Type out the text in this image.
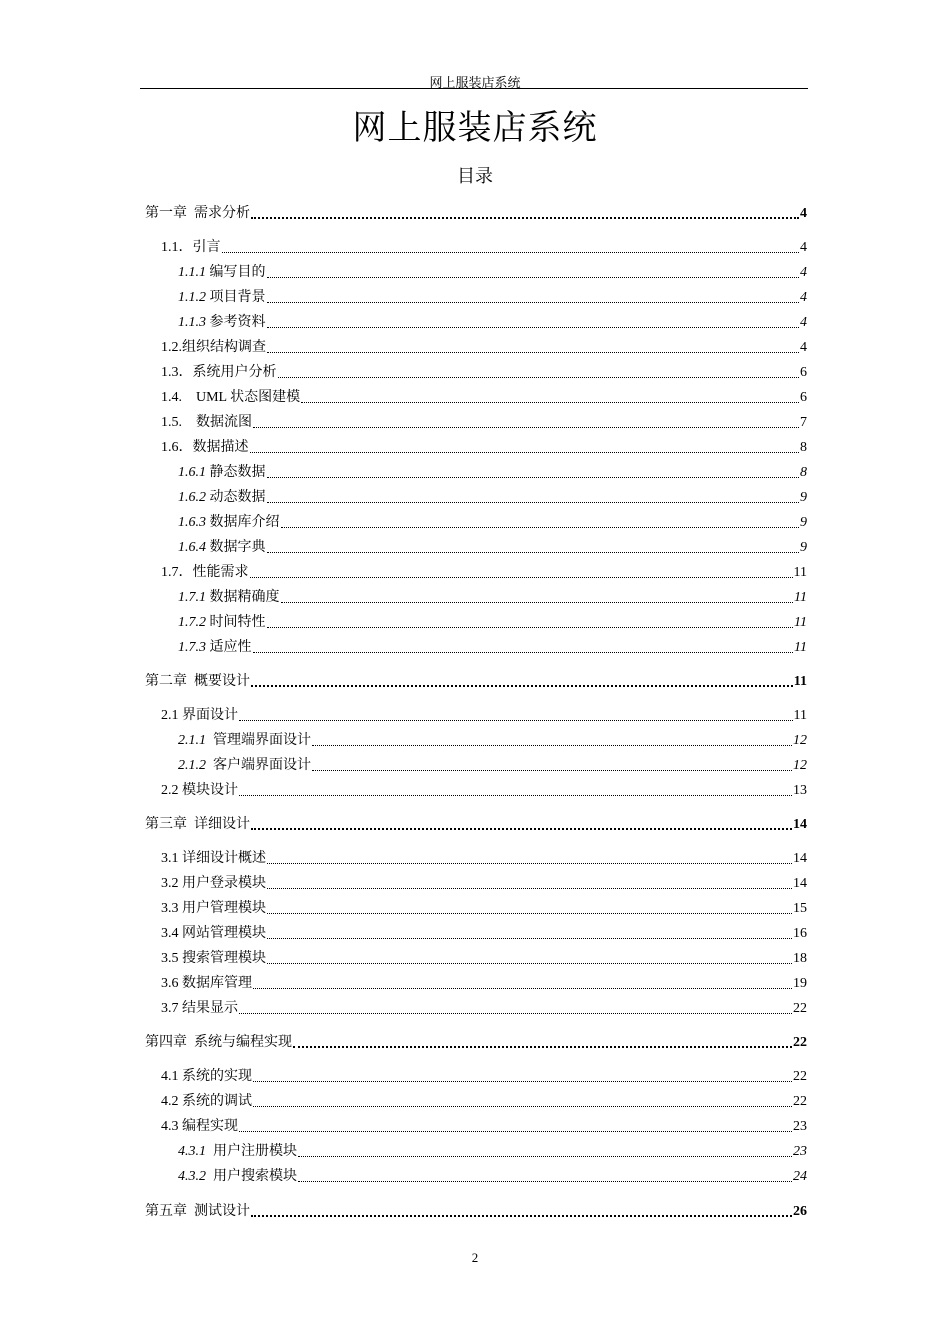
网上服装店系统
网上服装店系统
目录
第一章  需求分析	4
1.1．引言	4
1.1.1 编写目的	4
1.1.2 项目背景	4
1.1.3 参考资料	4
1.2.组织结构调查	4
1.3．系统用户分析	6
1.4.    UML 状态图建模	6
1.5.    数据流图	7
1.6．数据描述	8
1.6.1 静态数据	8
1.6.2 动态数据	9
1.6.3 数据库介绍	9
1.6.4 数据字典	9
1.7．性能需求	11
1.7.1 数据精确度	11
1.7.2 时间特性	11
1.7.3 适应性	11
第二章  概要设计	11
2.1 界面设计	11
2.1.1  管理端界面设计	12
2.1.2  客户端界面设计	12
2.2 模块设计	13
第三章  详细设计	14
3.1 详细设计概述	14
3.2 用户登录模块	14
3.3 用户管理模块	15
3.4 网站管理模块	16
3.5 搜索管理模块	18
3.6 数据库管理	19
3.7 结果显示	22
第四章  系统与编程实现	22
4.1 系统的实现	22
4.2 系统的调试	22
4.3 编程实现	23
4.3.1  用户注册模块	23
4.3.2  用户搜索模块	24
第五章  测试设计	26
2
